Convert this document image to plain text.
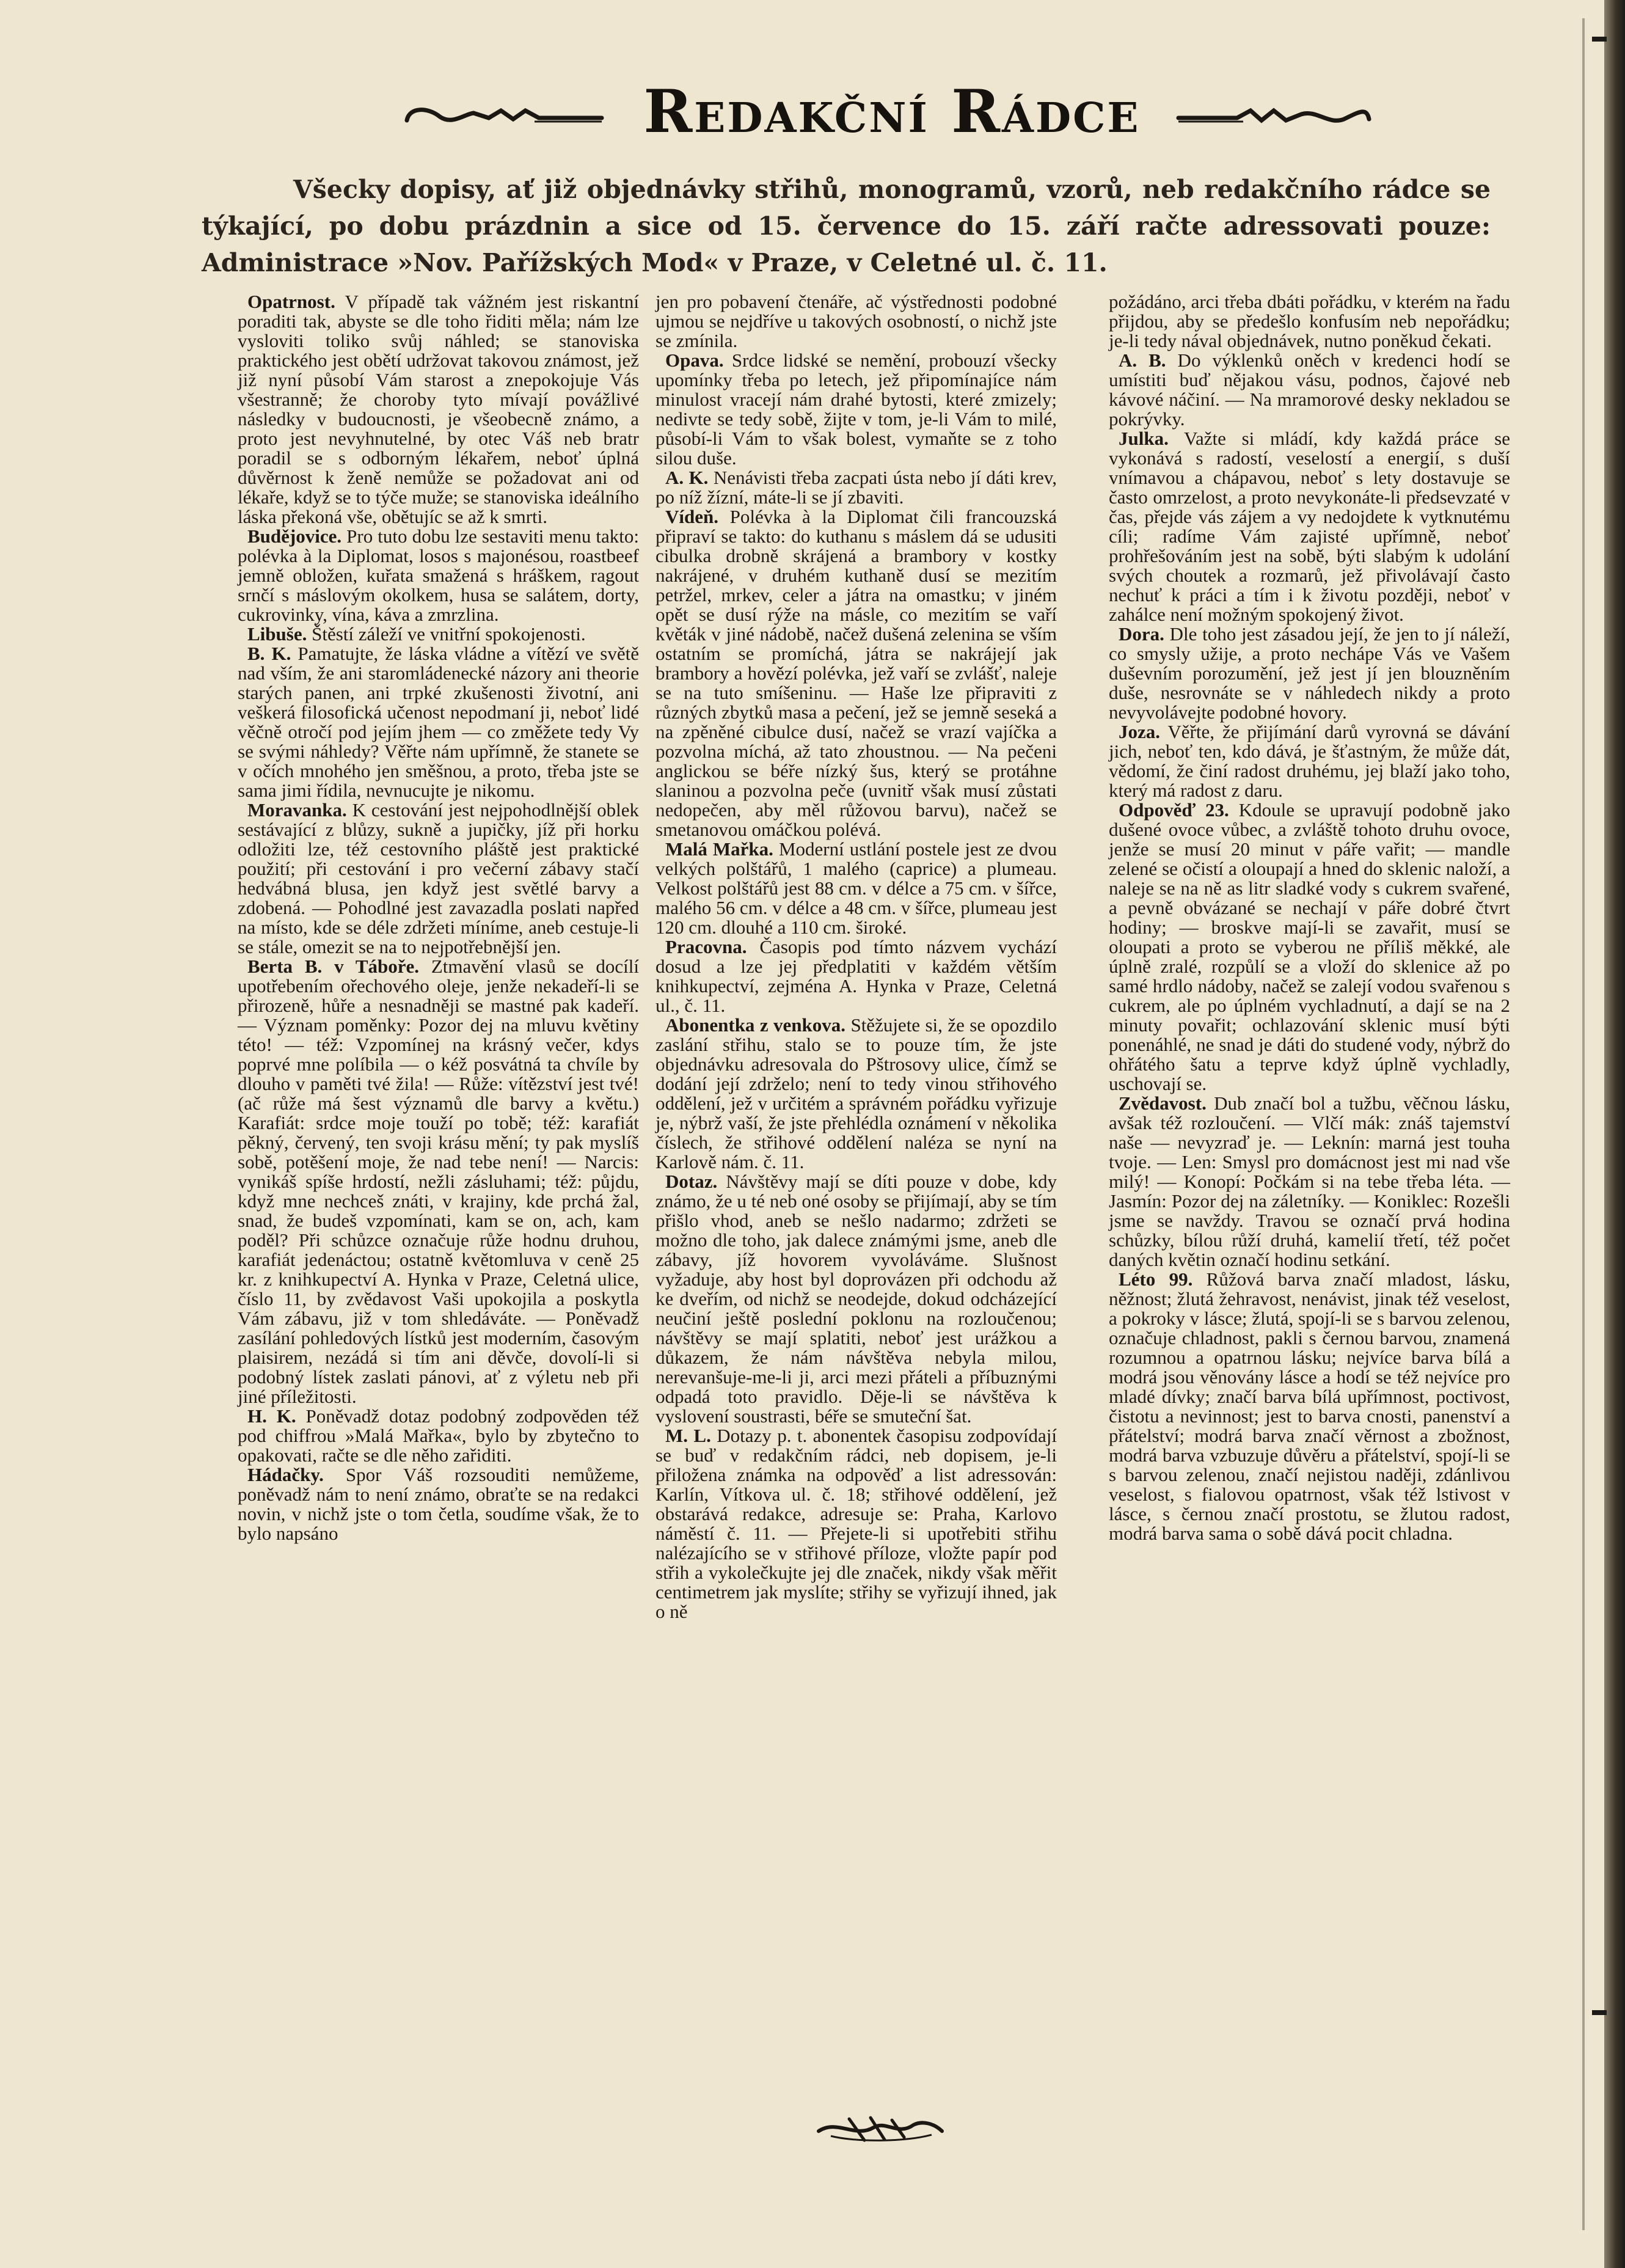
Redakční Rádce
Všecky dopisy, ať již objednávky střihů, monogramů, vzorů, neb redakčního rádce se týkající, po dobu prázdnin a sice od 15. července do 15. září račte adressovati pouze: Administrace »Nov. Pařížských Mod« v Praze, v Celetné ul. č. 11.

Opatrnost. V případě tak vážném jest riskantní poraditi tak, abyste se dle toho řiditi měla; nám lze vysloviti toliko svůj náhled; se stanoviska praktického jest obětí udržovat takovou známost, jež již nyní působí Vám starost a znepokojuje Vás všestranně; že choroby tyto mívají povážlivé následky v budoucnosti, je všeobecně známo, a proto jest nevyhnutelné, by otec Váš neb bratr poradil se s odborným lékařem, neboť úplná důvěrnost k ženě nemůže se požadovat ani od lékaře, když se to týče muže; se stanoviska ideálního láska překoná vše, obětujíc se až k smrti.

Budějovice. Pro tuto dobu lze sestaviti menu takto: polévka à la Diplomat, losos s majonésou, roastbeef jemně obložen, kuřata smažená s hráškem, ragout srnčí s máslovým okolkem, husa se salátem, dorty, cukrovinky, vína, káva a zmrzlina.

Libuše. Štěstí záleží ve vnitřní spokojenosti.

B. K. Pamatujte, že láska vládne a vítězí ve světě nad vším, že ani staromládenecké názory ani theorie starých panen, ani trpké zkušenosti životní, ani veškerá filosofická učenost nepodmaní ji, neboť lidé věčně otročí pod jejím jhem — co změžete tedy Vy se svými náhledy? Věřte nám upřímně, že stanete se v očích mnohého jen směšnou, a proto, třeba jste se sama jimi řídila, nevnucujte je nikomu.

Moravanka. K cestování jest nejpohodlnější oblek sestávající z blůzy, sukně a jupičky, jíž při horku odložiti lze, též cestovního pláště jest praktické použití; při cestování i pro večerní zábavy stačí hedvábná blusa, jen když jest světlé barvy a zdobená. — Pohodlné jest zavazadla poslati napřed na místo, kde se déle zdržeti míníme, aneb cestuje-li se stále, omezit se na to nejpotřebnější jen.

Berta B. v Táboře. Ztmavění vlasů se docílí upotřebením ořechového oleje, jenže nekadeří-li se přirozeně, hůře a nesnadněji se mastné pak kadeří. — Význam poměnky: Pozor dej na mluvu květiny této! — též: Vzpomínej na krásný večer, kdys poprvé mne políbila — o kéž posvátná ta chvíle by dlouho v paměti tvé žila! — Růže: vítězství jest tvé! (ač růže má šest významů dle barvy a květu.) Karafiát: srdce moje touží po tobě; též: karafiát pěkný, červený, ten svoji krásu mění; ty pak myslíš sobě, potěšení moje, že nad tebe není! — Narcis: vynikáš spíše hrdostí, nežli zásluhami; též: půjdu, když mne nechceš znáti, v krajiny, kde prchá žal, snad, že budeš vzpomínati, kam se on, ach, kam poděl? Při schůzce označuje růže hodnu druhou, karafiát jedenáctou; ostatně květomluva v ceně 25 kr. z knihkupectví A. Hynka v Praze, Celetná ulice, číslo 11, by zvědavost Vaši upokojila a poskytla Vám zábavu, již v tom shledáváte. — Poněvadž zasílání pohledových lístků jest moderním, časovým plaisirem, nezádá si tím ani děvče, dovolí-li si podobný lístek zaslati pánovi, ať z výletu neb při jiné příležitosti.

H. K. Poněvadž dotaz podobný zodpověden též pod chiffrou »Malá Mařka«, bylo by zbytečno to opakovati, račte se dle něho zařiditi.

Hádačky. Spor Váš rozsouditi nemůžeme, poněvadž nám to není známo, obraťte se na redakci novin, v nichž jste o tom četla, soudíme však, že to bylo napsáno

jen pro pobavení čtenáře, ač výstřednosti podobné ujmou se nejdříve u takových osobností, o nichž jste se zmínila.

Opava. Srdce lidské se nemění, probouzí všecky upomínky třeba po letech, jež připomínajíce nám minulost vracejí nám drahé bytosti, které zmizely; nedivte se tedy sobě, žijte v tom, je-li Vám to milé, působí-li Vám to však bolest, vymaňte se z toho silou duše.

A. K. Nenávisti třeba zacpati ústa nebo jí dáti krev, po níž žízní, máte-li se jí zbaviti.

Vídeň. Polévka à la Diplomat čili francouzská připraví se takto: do kuthanu s máslem dá se udusiti cibulka drobně skrájená a brambory v kostky nakrájené, v druhém kuthaně dusí se mezitím petržel, mrkev, celer a játra na omastku; v jiném opět se dusí rýže na másle, co mezitím se vaří květák v jiné nádobě, načež dušená zelenina se vším ostatním se promíchá, játra se nakrájejí jak brambory a hovězí polévka, jež vaří se zvlášť, naleje se na tuto smíšeninu. — Haše lze připraviti z různých zbytků masa a pečení, jež se jemně seseká a na zpěněné cibulce dusí, načež se vrazí vajíčka a pozvolna míchá, až tato zhoustnou. — Na pečeni anglickou se béře nízký šus, který se protáhne slaninou a pozvolna peče (uvnitř však musí zůstati nedopečen, aby měl růžovou barvu), načež se smetanovou omáčkou polévá.

Malá Mařka. Moderní ustlání postele jest ze dvou velkých polštářů, 1 malého (caprice) a plumeau. Velkost polštářů jest 88 cm. v délce a 75 cm. v šířce, malého 56 cm. v délce a 48 cm. v šířce, plumeau jest 120 cm. dlouhé a 110 cm. široké.

Pracovna. Časopis pod tímto názvem vychází dosud a lze jej předplatiti v každém větším knihkupectví, zejména A. Hynka v Praze, Celetná ul., č. 11.

Abonentka z venkova. Stěžujete si, že se opozdilo zaslání střihu, stalo se to pouze tím, že jste objednávku adresovala do Pštrosovy ulice, čímž se dodání její zdrželo; není to tedy vinou střihového oddělení, jež v určitém a správném pořádku vyřizuje je, nýbrž vaší, že jste přehlédla oznámení v několika číslech, že střihové oddělení naléza se nyní na Karlově nám. č. 11.

Dotaz. Návštěvy mají se díti pouze v dobe, kdy známo, že u té neb oné osoby se přijímají, aby se tím přišlo vhod, aneb se nešlo nadarmo; zdržeti se možno dle toho, jak dalece známými jsme, aneb dle zábavy, jíž hovorem vyvoláváme. Slušnost vyžaduje, aby host byl doprovázen při odchodu až ke dveřím, od nichž se neodejde, dokud odcházející neučiní ještě poslední poklonu na rozloučenou; návštěvy se mají splatiti, neboť jest urážkou a důkazem, že nám návštěva nebyla milou, nerevanšuje-me-li ji, arci mezi přáteli a příbuznými odpadá toto pravidlo. Děje-li se návštěva k vyslovení soustrasti, béře se smuteční šat.

M. L. Dotazy p. t. abonentek časopisu zodpovídají se buď v redakčním rádci, neb dopisem, je-li přiložena známka na odpověď a list adressován: Karlín, Vítkova ul. č. 18; střihové oddělení, jež obstarává redakce, adresuje se: Praha, Karlovo náměstí č. 11. — Přejete-li si upotřebiti střihu nalézajícího se v střihové příloze, vložte papír pod střih a vykolečkujte jej dle značek, nikdy však měřit centimetrem jak myslíte; střihy se vyřizují ihned, jak o ně

požádáno, arci třeba dbáti pořádku, v kterém na řadu přijdou, aby se předešlo konfusím neb nepořádku; je-li tedy nával objednávek, nutno poněkud čekati.

A. B. Do výklenků oněch v kredenci hodí se umístiti buď nějakou vásu, podnos, čajové neb kávové náčiní. — Na mramorové desky nekladou se pokrývky.

Julka. Važte si mládí, kdy každá práce se vykonává s radostí, veselostí a energií, s duší vnímavou a chápavou, neboť s lety dostavuje se často omrzelost, a proto nevykonáte-li předsevzaté v čas, přejde vás zájem a vy nedojdete k vytknutému cíli; radíme Vám zajisté upřímně, neboť prohřešováním jest na sobě, býti slabým k udolání svých choutek a rozmarů, jež přivolávají často nechuť k práci a tím i k životu později, neboť v zahálce není možným spokojený život.

Dora. Dle toho jest zásadou její, že jen to jí náleží, co smysly užije, a proto nechápe Vás ve Vašem duševním porozumění, jež jest jí jen blouzněním duše, nesrovnáte se v náhledech nikdy a proto nevyvolávejte podobné hovory.

Joza. Věřte, že přijímání darů vyrovná se dávání jich, neboť ten, kdo dává, je šťastným, že může dát, vědomí, že činí radost druhému, jej blaží jako toho, který má radost z daru.

Odpověď 23. Kdoule se upravují podobně jako dušené ovoce vůbec, a zvláště tohoto druhu ovoce, jenže se musí 20 minut v páře vařit; — mandle zelené se očistí a oloupají a hned do sklenic naloží, a naleje se na ně as litr sladké vody s cukrem svařené, a pevně obvázané se nechají v páře dobré čtvrt hodiny; — broskve mají-li se zavařit, musí se oloupati a proto se vyberou ne příliš měkké, ale úplně zralé, rozpůlí se a vloží do sklenice až po samé hrdlo nádoby, načež se zalejí vodou svařenou s cukrem, ale po úplném vychladnutí, a dají se na 2 minuty povařit; ochlazování sklenic musí býti ponenáhlé, ne snad je dáti do studené vody, nýbrž do ohřátého šatu a teprve když úplně vychladly, uschovají se.

Zvědavost. Dub značí bol a tužbu, věčnou lásku, avšak též rozloučení. — Vlčí mák: znáš tajemství naše — nevyzraď je. — Leknín: marná jest touha tvoje. — Len: Smysl pro domácnost jest mi nad vše milý! — Konopí: Počkám si na tebe třeba léta. — Jasmín: Pozor dej na záletníky. — Koniklec: Rozešli jsme se navždy. Travou se označí prvá hodina schůzky, bílou růží druhá, kamelií třetí, též počet daných květin označí hodinu setkání.

Léto 99. Růžová barva značí mladost, lásku, něžnost; žlutá žehravost, nenávist, jinak též veselost, a pokroky v lásce; žlutá, spojí-li se s barvou zelenou, označuje chladnost, pakli s černou barvou, znamená rozumnou a opatrnou lásku; nejvíce barva bílá a modrá jsou věnovány lásce a hodí se též nejvíce pro mladé dívky; značí barva bílá upřímnost, poctivost, čistotu a nevinnost; jest to barva cnosti, panenství a přátelství; modrá barva značí věrnost a zbožnost, modrá barva vzbuzuje důvěru a přátelství, spojí-li se s barvou zelenou, značí nejistou naději, zdánlivou veselost, s fialovou opatrnost, však též lstivost v lásce, s černou značí prostotu, se žlutou radost, modrá barva sama o sobě dává pocit chladna.
